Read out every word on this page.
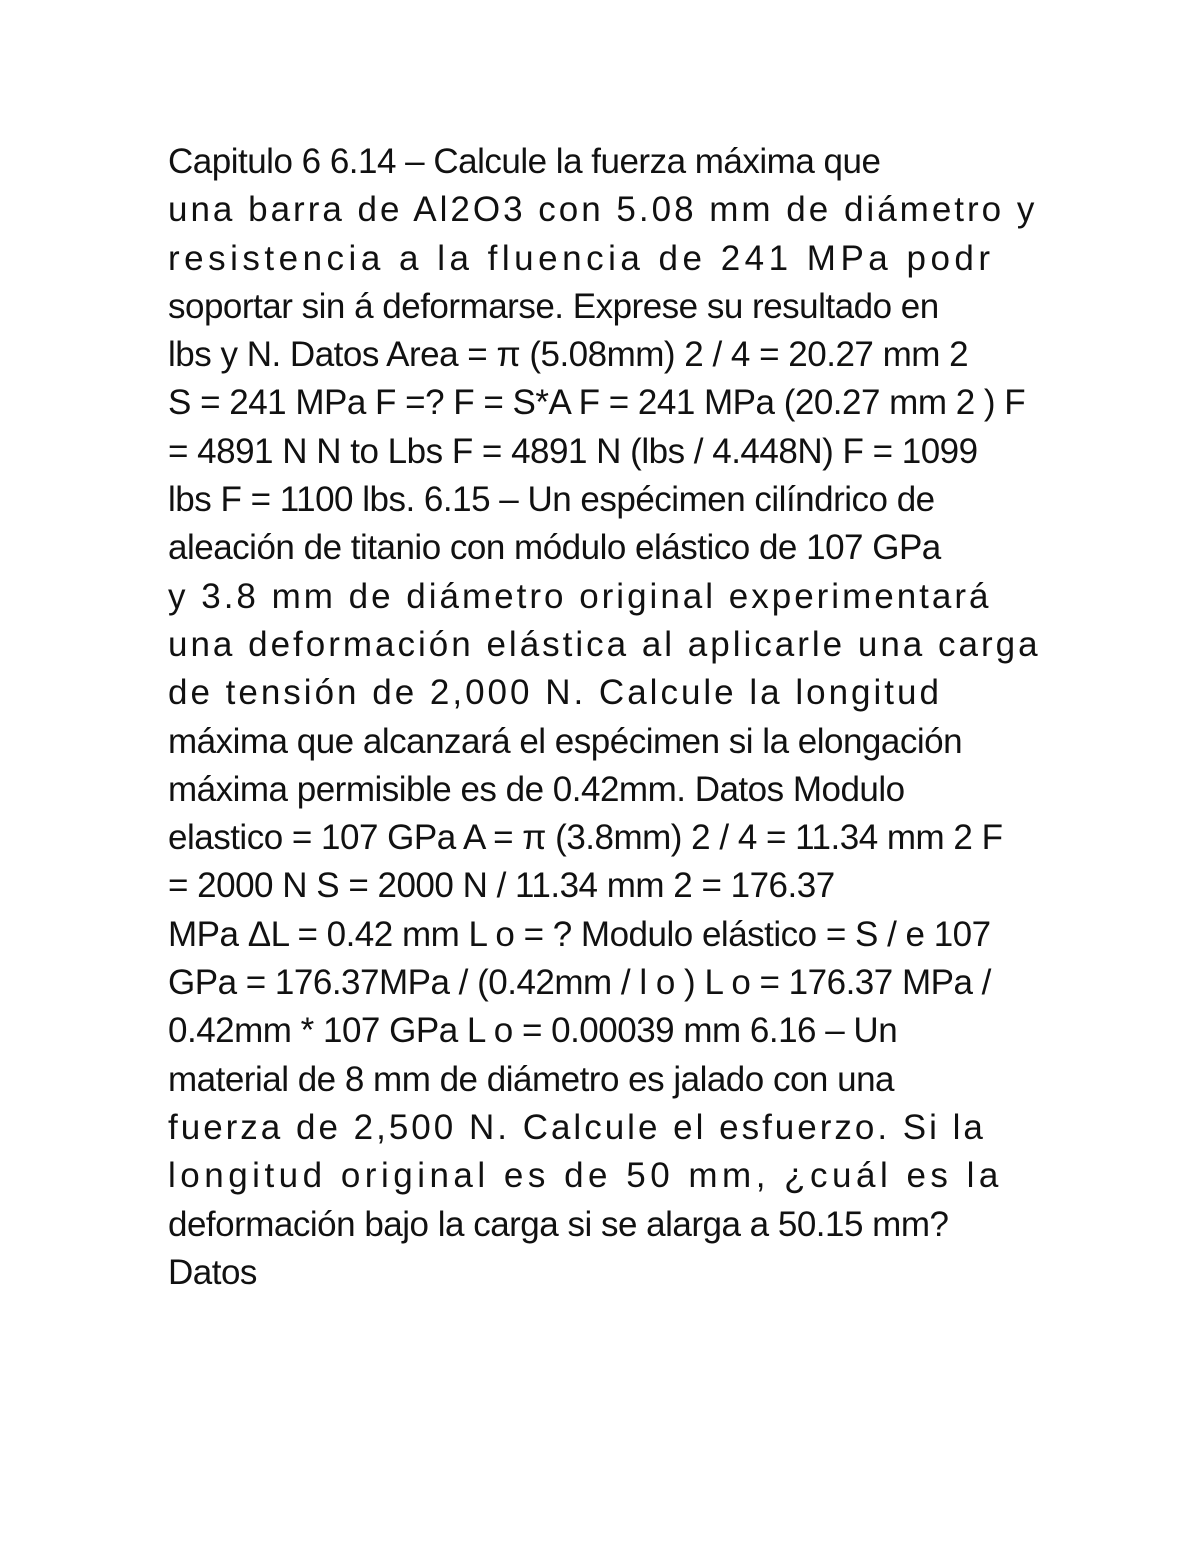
Capitulo 6 6.14 – Calcule la fuerza máxima que
una barra de Al2O3 con 5.08 mm de diámetro y
resistencia a la fluencia de 241 MPa podr
soportar sin á deformarse. Exprese su resultado en
lbs y N. Datos Area = π (5.08mm) 2 / 4 = 20.27 mm 2
S = 241 MPa F =? F = S*A F = 241 MPa (20.27 mm 2 ) F
= 4891 N N to Lbs F = 4891 N (lbs / 4.448N) F = 1099
lbs F = 1100 lbs. 6.15 – Un espécimen cilíndrico de
aleación de titanio con módulo elástico de 107 GPa
y 3.8 mm de diámetro original experimentará
una deformación elástica al aplicarle una carga
de tensión de 2,000 N. Calcule la longitud
máxima que alcanzará el espécimen si la elongación
máxima permisible es de 0.42mm. Datos Modulo
elastico = 107 GPa A = π (3.8mm) 2 / 4 = 11.34 mm 2 F
= 2000 N S = 2000 N / 11.34 mm 2 = 176.37
MPa ΔL = 0.42 mm L o = ? Modulo elástico = S / e 107
GPa = 176.37MPa / (0.42mm / l o ) L o = 176.37 MPa /
0.42mm * 107 GPa L o = 0.00039 mm 6.16 – Un
material de 8 mm de diámetro es jalado con una
fuerza de 2,500 N. Calcule el esfuerzo. Si la
longitud original es de 50 mm, ¿cuál es la
deformación bajo la carga si se alarga a 50.15 mm?
Datos
